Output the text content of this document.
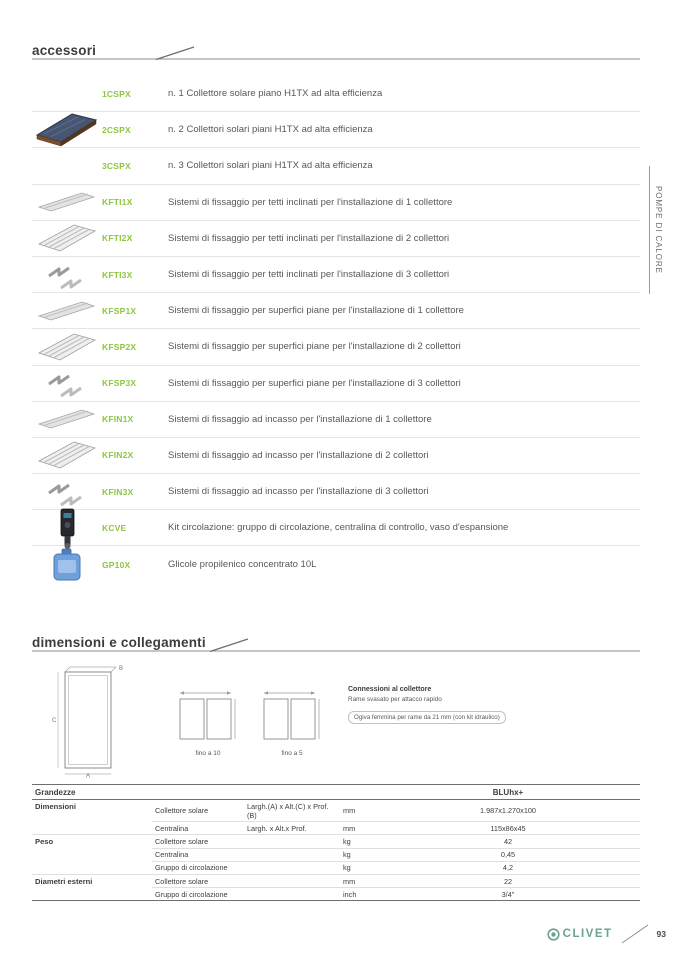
accessori
1CSPX	n. 1 Collettore solare piano H1TX ad alta efficienza
2CSPX	n. 2 Collettori solari piani H1TX ad alta efficienza
3CSPX	n. 3 Collettori solari piani H1TX ad alta efficienza
KFTI1X	Sistemi di fissaggio per tetti inclinati per l'installazione di 1 collettore
KFTI2X	Sistemi di fissaggio per tetti inclinati per l'installazione di 2 collettori
KFTI3X	Sistemi di fissaggio per tetti inclinati per l'installazione di 3 collettori
KFSP1X	Sistemi di fissaggio per superfici piane per l'installazione di 1 collettore
KFSP2X	Sistemi di fissaggio per superfici piane per l'installazione di 2 collettori
KFSP3X	Sistemi di fissaggio per superfici piane per l'installazione di 3 collettori
KFIN1X	Sistemi di fissaggio ad incasso per l'installazione di 1 collettore
KFIN2X	Sistemi di fissaggio ad incasso per l'installazione di 2 collettori
KFIN3X	Sistemi di fissaggio ad incasso per l'installazione di 3 collettori
KCVE	Kit circolazione: gruppo di circolazione, centralina di controllo, vaso d'espansione
GP10X	Glicole propilenico concentrato 10L
POMPE DI CALORE
dimensioni e collegamenti
C
A
B
fino a 10	fino a 5
Connessioni al collettore
Rame svasato per attacco rapido
Ogiva femmina per rame da 21 mm (con kit idraulico)
Grandezze				BLUhx+
Dimensioni	Collettore solare	Largh.(A) x Alt.(C) x Prof.(B)	mm	1.987x1.270x100
	Centralina	Largh. x Alt.x Prof.	mm	115x86x45
Peso	Collettore solare		kg	42
	Centralina		kg	0,45
	Gruppo di circolazione		kg	4,2
Diametri esterni	Collettore solare		mm	22
	Gruppo di circolazione		inch	3/4"
CLIVET	93
